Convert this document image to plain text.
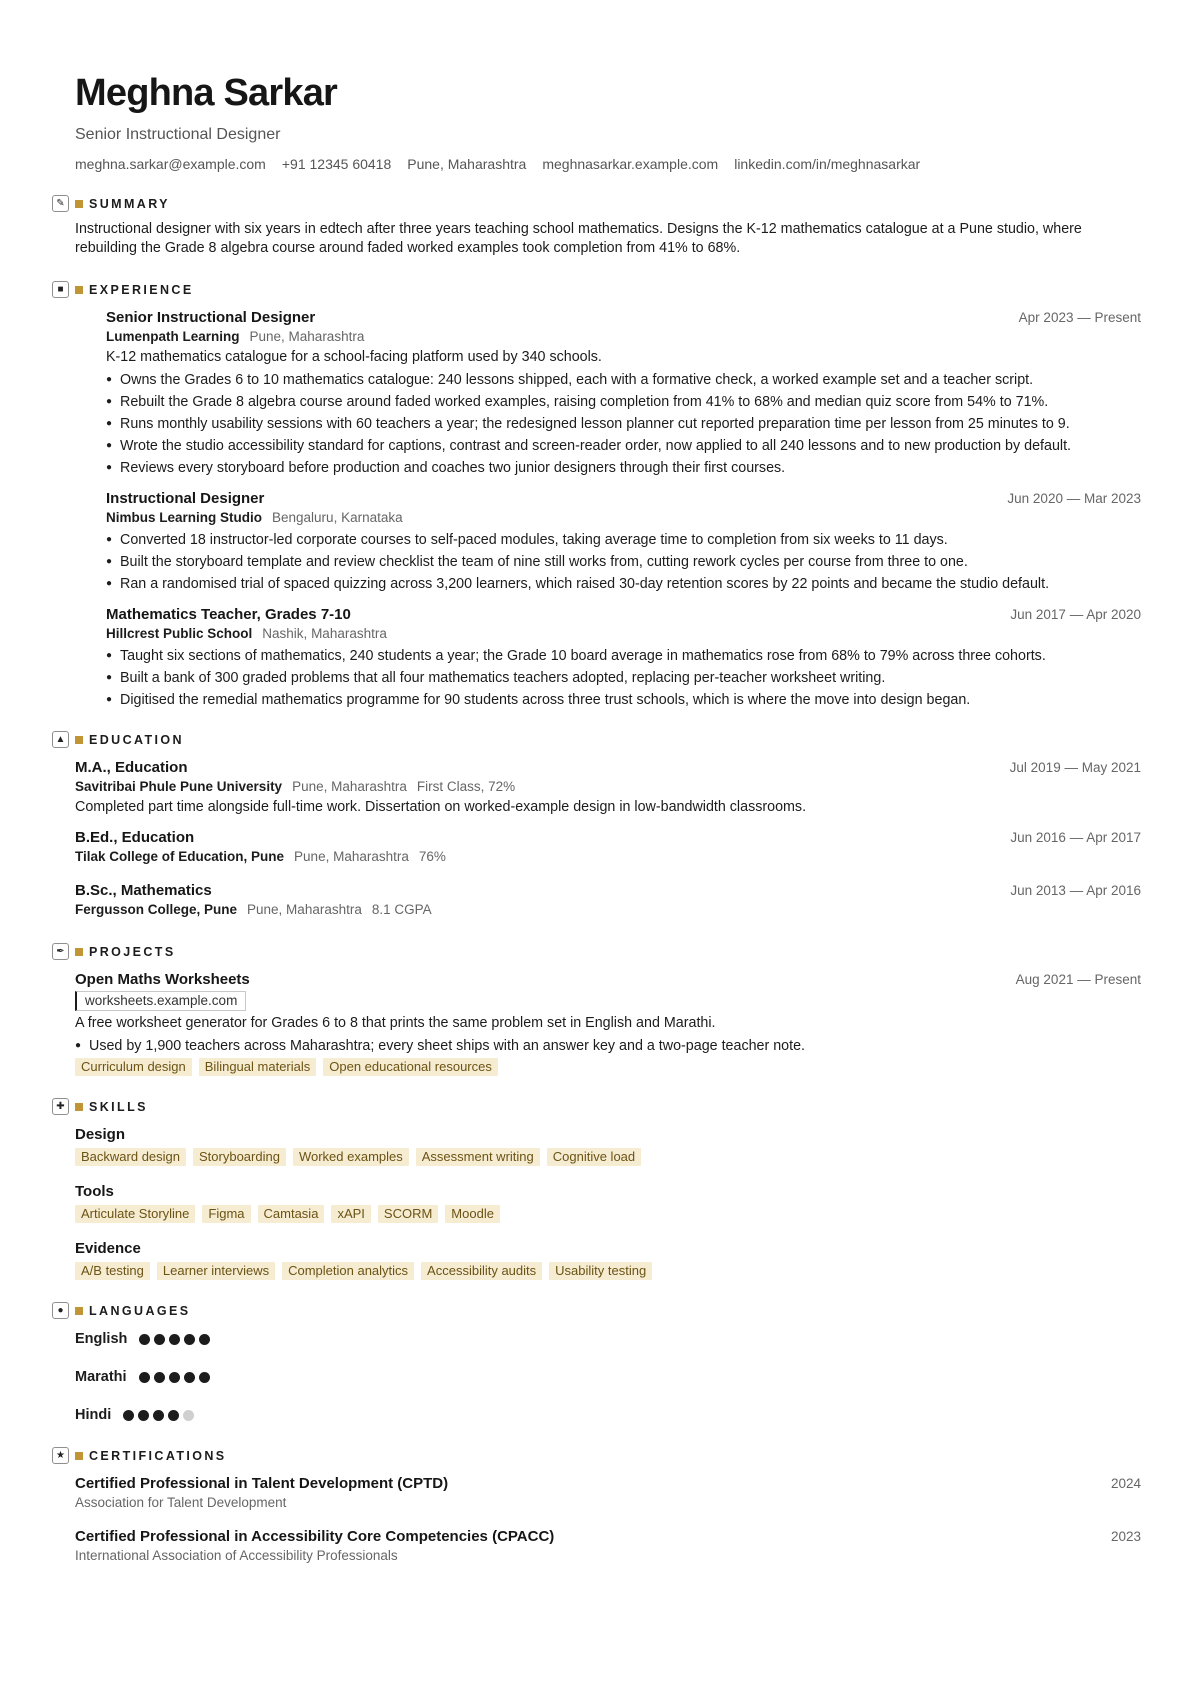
Meghna Sarkar
Senior Instructional Designer
meghna.sarkar@example.com +91 12345 60418 Pune, Maharashtra meghnasarkar.example.com linkedin.com/in/meghnasarkar
✎	SUMMARY
Instructional designer with six years in edtech after three years teaching school mathematics. Designs the K-12 mathematics catalogue at a Pune studio, where rebuilding the Grade 8 algebra course around faded worked examples took completion from 41% to 68%.
■	EXPERIENCE
Senior Instructional Designer	Apr 2023 — Present
Lumenpath Learning Pune, Maharashtra
K-12 mathematics catalogue for a school-facing platform used by 340 schools.
● Owns the Grades 6 to 10 mathematics catalogue: 240 lessons shipped, each with a formative check, a worked example set and a teacher script.
● Rebuilt the Grade 8 algebra course around faded worked examples, raising completion from 41% to 68% and median quiz score from 54% to 71%.
● Runs monthly usability sessions with 60 teachers a year; the redesigned lesson planner cut reported preparation time per lesson from 25 minutes to 9.
● Wrote the studio accessibility standard for captions, contrast and screen-reader order, now applied to all 240 lessons and to new production by default.
● Reviews every storyboard before production and coaches two junior designers through their first courses.
Instructional Designer	Jun 2020 — Mar 2023
Nimbus Learning Studio Bengaluru, Karnataka
● Converted 18 instructor-led corporate courses to self-paced modules, taking average time to completion from six weeks to 11 days.
● Built the storyboard template and review checklist the team of nine still works from, cutting rework cycles per course from three to one.
● Ran a randomised trial of spaced quizzing across 3,200 learners, which raised 30-day retention scores by 22 points and became the studio default.
Mathematics Teacher, Grades 7-10	Jun 2017 — Apr 2020
Hillcrest Public School Nashik, Maharashtra
● Taught six sections of mathematics, 240 students a year; the Grade 10 board average in mathematics rose from 68% to 79% across three cohorts.
● Built a bank of 300 graded problems that all four mathematics teachers adopted, replacing per-teacher worksheet writing.
● Digitised the remedial mathematics programme for 90 students across three trust schools, which is where the move into design began.
▲ EDUCATION
M.A., Education	Jul 2019 — May 2021
Savitribai Phule Pune University Pune, Maharashtra First Class, 72%
Completed part time alongside full-time work. Dissertation on worked-example design in low-bandwidth classrooms.
B.Ed., Education	Jun 2016 — Apr 2017
Tilak College of Education, Pune Pune, Maharashtra 76%
B.Sc., Mathematics	Jun 2013 — Apr 2016
Fergusson College, Pune Pune, Maharashtra 8.1 CGPA
✒	PROJECTS
Open Maths Worksheets	Aug 2021 — Present
worksheets.example.com
A free worksheet generator for Grades 6 to 8 that prints the same problem set in English and Marathi.
● Used by 1,900 teachers across Maharashtra; every sheet ships with an answer key and a two-page teacher note.
Curriculum design	Bilingual materials	Open educational resources
✚	SKILLS
Design
Backward design	Storyboarding	Worked examples	Assessment writing	Cognitive load
Tools
Articulate Storyline	Figma	Camtasia	xAPI	SCORM	Moodle
Evidence
A/B testing	Learner interviews	Completion analytics	Accessibility audits	Usability testing
●	LANGUAGES
English
Marathi
Hindi
★	CERTIFICATIONS
Certified Professional in Talent Development (CPTD)	2024
Association for Talent Development
Certified Professional in Accessibility Core Competencies (CPACC)	2023
International Association of Accessibility Professionals
